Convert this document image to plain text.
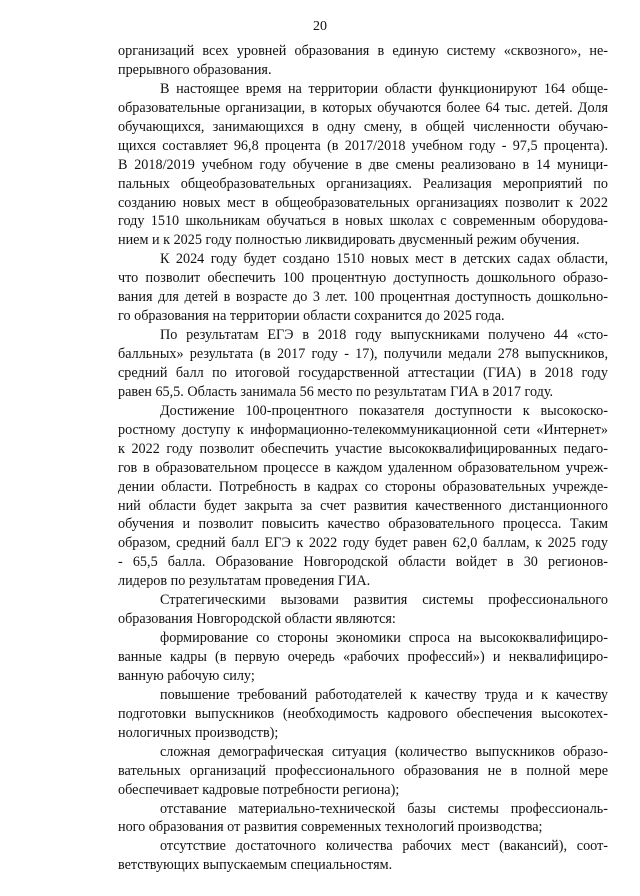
20
организаций всех уровней образования в единую систему «сквозного», не-
прерывного образования.
В настоящее время на территории области функционируют 164 обще-
образовательные организации, в которых обучаются более 64 тыс. детей. Доля
обучающихся, занимающихся в одну смену, в общей численности обучаю-
щихся составляет 96,8 процента (в 2017/2018 учебном году - 97,5 процента).
В 2018/2019 учебном году обучение в две смены реализовано в 14 муници-
пальных общеобразовательных организациях. Реализация мероприятий по
созданию новых мест в общеобразовательных организациях позволит к 2022
году 1510 школьникам обучаться в новых школах с современным оборудова-
нием и к 2025 году полностью ликвидировать двусменный режим обучения.
К 2024 году будет создано 1510 новых мест в детских садах области,
что позволит обеспечить 100 процентную доступность дошкольного образо-
вания для детей в возрасте до 3 лет. 100 процентная доступность дошкольно-
го образования на территории области сохранится до 2025 года.
По результатам ЕГЭ в 2018 году выпускниками получено 44 «сто-
балльных» результата (в 2017 году - 17), получили медали 278 выпускников,
средний балл по итоговой государственной аттестации (ГИА) в 2018 году
равен 65,5. Область занимала 56 место по результатам ГИА в 2017 году.
Достижение 100-процентного показателя доступности к высокоско-
ростному доступу к информационно-телекоммуникационной сети «Интернет»
к 2022 году позволит обеспечить участие высококвалифицированных педаго-
гов в образовательном процессе в каждом удаленном образовательном учреж-
дении области. Потребность в кадрах со стороны образовательных учрежде-
ний области будет закрыта за счет развития качественного дистанционного
обучения и позволит повысить качество образовательного процесса. Таким
образом, средний балл ЕГЭ к 2022 году будет равен 62,0 баллам, к 2025 году
- 65,5 балла. Образование Новгородской области войдет в 30 регионов-
лидеров по результатам проведения ГИА.
Стратегическими вызовами развития системы профессионального
образования Новгородской области являются:
формирование со стороны экономики спроса на высококвалифициро-
ванные кадры (в первую очередь «рабочих профессий») и неквалифициро-
ванную рабочую силу;
повышение требований работодателей к качеству труда и к качеству
подготовки выпускников (необходимость кадрового обеспечения высокотех-
нологичных производств);
сложная демографическая ситуация (количество выпускников образо-
вательных организаций профессионального образования не в полной мере
обеспечивает кадровые потребности региона);
отставание материально-технической базы системы профессиональ-
ного образования от развития современных технологий производства;
отсутствие достаточного количества рабочих мест (вакансий), соот-
ветствующих выпускаемым специальностям.
